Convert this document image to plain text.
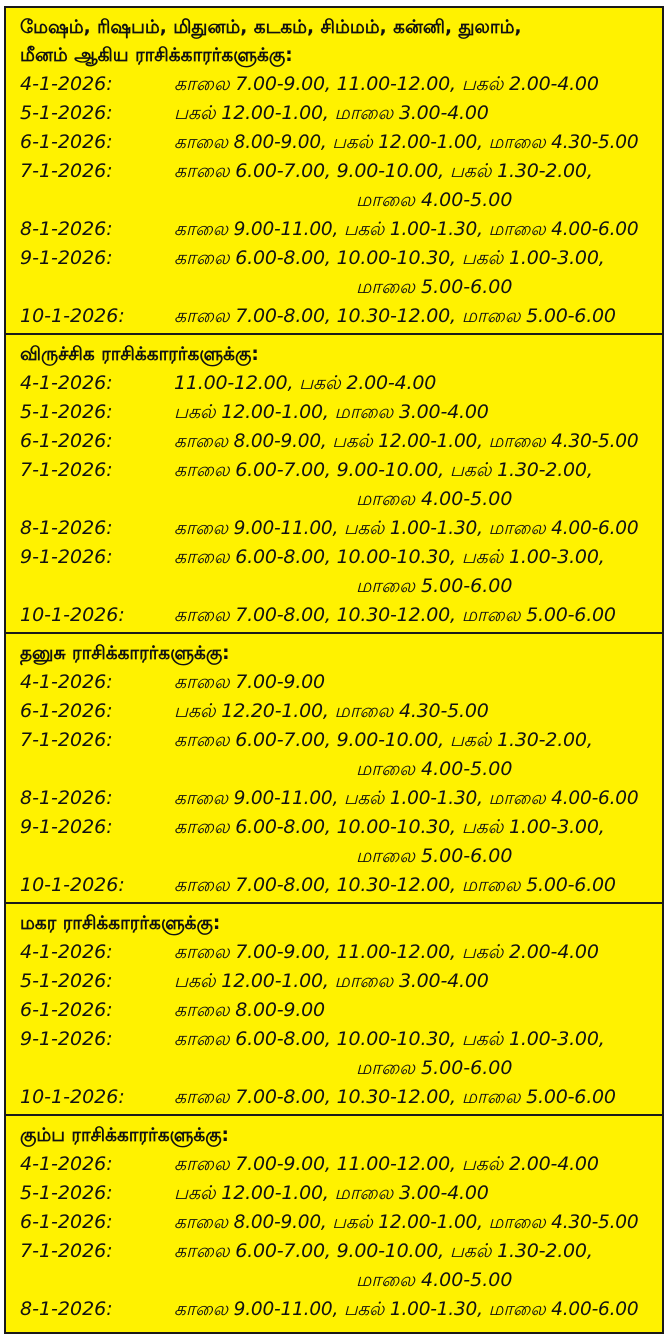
மேஷம், ரிஷபம், மிதுனம், கடகம், சிம்மம், கன்னி, துலாம்,
மீனம் ஆகிய ராசிக்காரர்களுக்கு:
4-1-2026:	காலை 7.00-9.00, 11.00-12.00, பகல் 2.00-4.00
5-1-2026:	பகல் 12.00-1.00, மாலை 3.00-4.00
6-1-2026:	காலை 8.00-9.00, பகல் 12.00-1.00, மாலை 4.30-5.00
7-1-2026:	காலை 6.00-7.00, 9.00-10.00, பகல் 1.30-2.00,
மாலை 4.00-5.00
8-1-2026:	காலை 9.00-11.00, பகல் 1.00-1.30, மாலை 4.00-6.00
9-1-2026:	காலை 6.00-8.00, 10.00-10.30, பகல் 1.00-3.00,
மாலை 5.00-6.00
10-1-2026:	காலை 7.00-8.00, 10.30-12.00, மாலை 5.00-6.00
விருச்சிக ராசிக்காரர்களுக்கு:
4-1-2026:	11.00-12.00, பகல் 2.00-4.00
5-1-2026:	பகல் 12.00-1.00, மாலை 3.00-4.00
6-1-2026:	காலை 8.00-9.00, பகல் 12.00-1.00, மாலை 4.30-5.00
7-1-2026:	காலை 6.00-7.00, 9.00-10.00, பகல் 1.30-2.00,
மாலை 4.00-5.00
8-1-2026:	காலை 9.00-11.00, பகல் 1.00-1.30, மாலை 4.00-6.00
9-1-2026:	காலை 6.00-8.00, 10.00-10.30, பகல் 1.00-3.00,
மாலை 5.00-6.00
10-1-2026:	காலை 7.00-8.00, 10.30-12.00, மாலை 5.00-6.00
தனுசு ராசிக்காரர்களுக்கு:
4-1-2026:	காலை 7.00-9.00
6-1-2026:	பகல் 12.20-1.00, மாலை 4.30-5.00
7-1-2026:	காலை 6.00-7.00, 9.00-10.00, பகல் 1.30-2.00,
மாலை 4.00-5.00
8-1-2026:	காலை 9.00-11.00, பகல் 1.00-1.30, மாலை 4.00-6.00
9-1-2026:	காலை 6.00-8.00, 10.00-10.30, பகல் 1.00-3.00,
மாலை 5.00-6.00
10-1-2026:	காலை 7.00-8.00, 10.30-12.00, மாலை 5.00-6.00
மகர ராசிக்காரர்களுக்கு:
4-1-2026:	காலை 7.00-9.00, 11.00-12.00, பகல் 2.00-4.00
5-1-2026:	பகல் 12.00-1.00, மாலை 3.00-4.00
6-1-2026:	காலை 8.00-9.00
9-1-2026:	காலை 6.00-8.00, 10.00-10.30, பகல் 1.00-3.00,
மாலை 5.00-6.00
10-1-2026:	காலை 7.00-8.00, 10.30-12.00, மாலை 5.00-6.00
கும்ப ராசிக்காரர்களுக்கு:
4-1-2026:	காலை 7.00-9.00, 11.00-12.00, பகல் 2.00-4.00
5-1-2026:	பகல் 12.00-1.00, மாலை 3.00-4.00
6-1-2026:	காலை 8.00-9.00, பகல் 12.00-1.00, மாலை 4.30-5.00
7-1-2026:	காலை 6.00-7.00, 9.00-10.00, பகல் 1.30-2.00,
மாலை 4.00-5.00
8-1-2026:	காலை 9.00-11.00, பகல் 1.00-1.30, மாலை 4.00-6.00
